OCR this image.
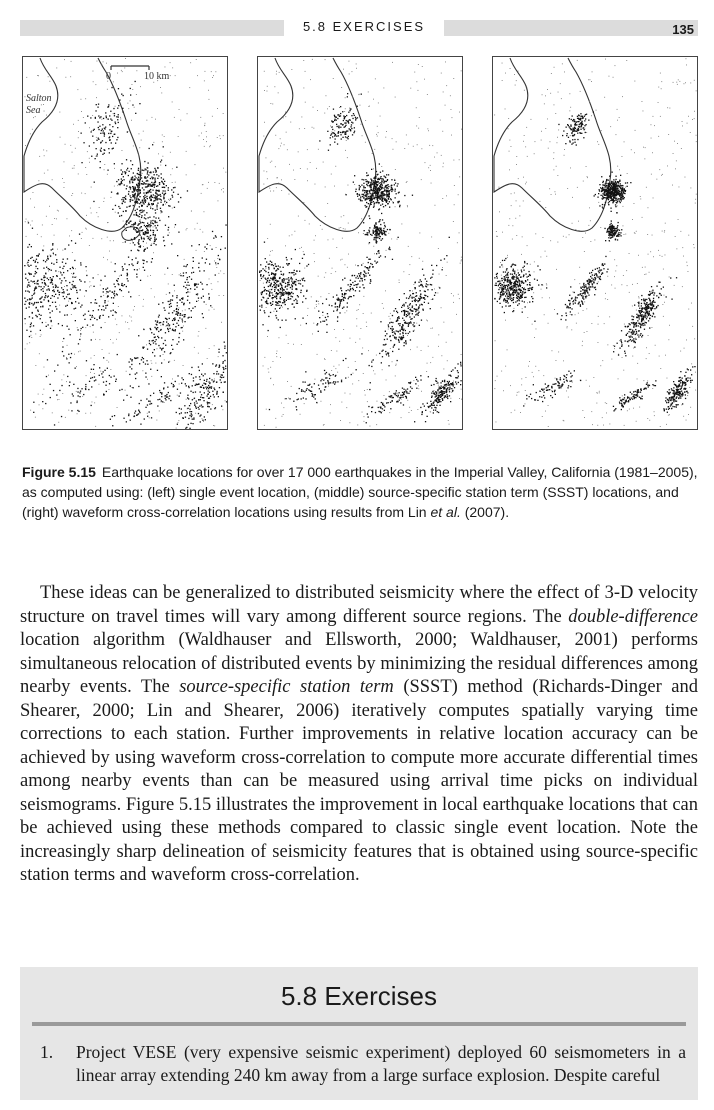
5.8 EXERCISES	135
0	10 km
Salton
Sea
Figure 5.15 Earthquake locations for over 17 000 earthquakes in the Imperial Valley, California (1981–2005), as computed using: (left) single event location, (middle) source-specific station term (SSST) locations, and (right) waveform cross-correlation locations using results from Lin et al. (2007).
These ideas can be generalized to distributed seismicity where the effect of 3-D velocity structure on travel times will vary among different source regions. The double-difference location algorithm (Waldhauser and Ellsworth, 2000; Waldhauser, 2001) performs simultaneous relocation of distributed events by minimizing the residual differences among nearby events. The source-specific station term (SSST) method (Richards-Dinger and Shearer, 2000; Lin and Shearer, 2006) iteratively computes spatially varying time corrections to each station. Further improvements in relative location accuracy can be achieved by using waveform cross-correlation to compute more accurate differential times among nearby events than can be measured using arrival time picks on individual seismograms. Figure 5.15 illustrates the improvement in local earthquake locations that can be achieved using these methods compared to classic single event location. Note the increasingly sharp delineation of seismicity features that is obtained using source-specific station terms and waveform cross-correlation.
5.8 Exercises
1. Project VESE (very expensive seismic experiment) deployed 60 seismometers in a linear array extending 240 km away from a large surface explosion. Despite careful
